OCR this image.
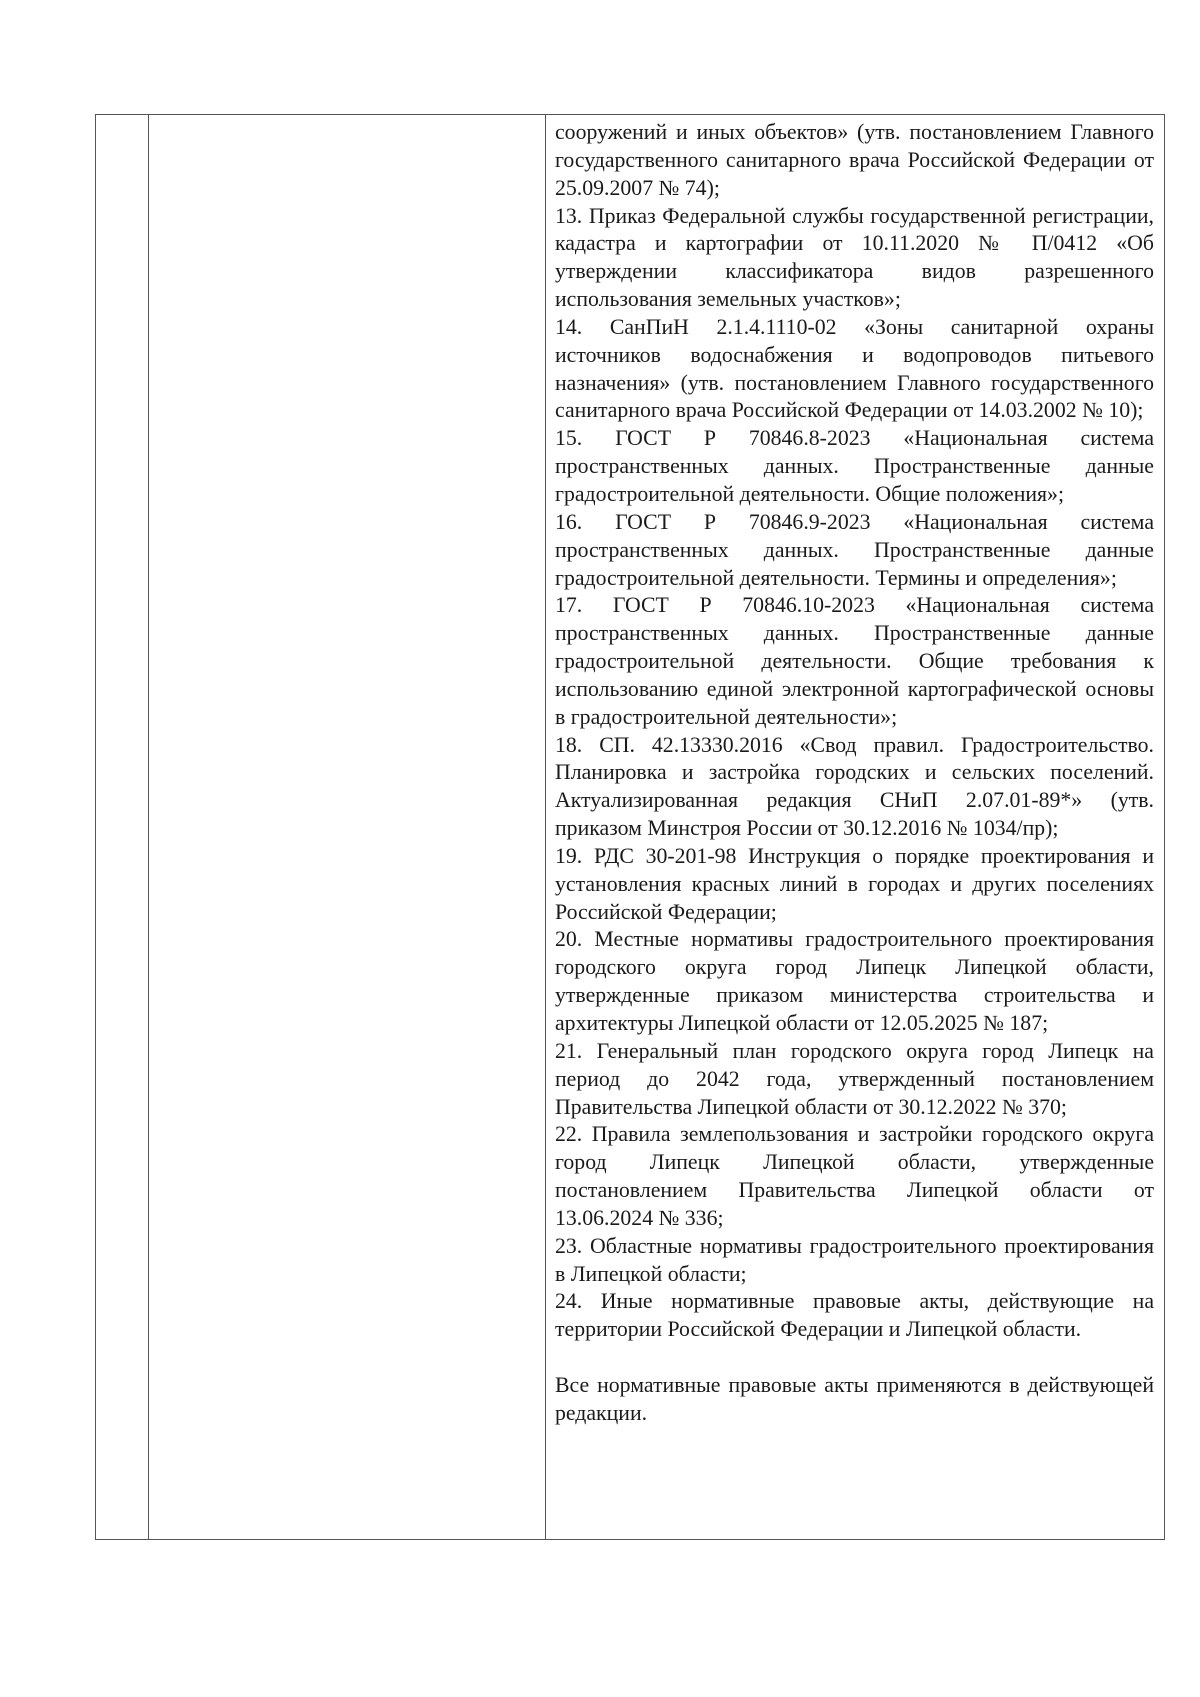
сооружений и иных объектов» (утв. постановлением Главного государственного санитарного врача Российской Федерации от 25.09.2007 № 74);

13. Приказ Федеральной службы государственной регистрации, кадастра и картографии от 10.11.2020 № П/0412 «Об утверждении классификатора видов разрешенного использования земельных участков»;

14. СанПиН 2.1.4.1110-02 «Зоны санитарной охраны источников водоснабжения и водопроводов питьевого назначения» (утв. постановлением Главного государственного санитарного врача Российской Федерации от 14.03.2002 № 10);

15. ГОСТ Р 70846.8-2023 «Национальная система пространственных данных. Пространственные данные градостроительной деятельности. Общие положения»;

16. ГОСТ Р 70846.9-2023 «Национальная система пространственных данных. Пространственные данные градостроительной деятельности. Термины и определения»;

17. ГОСТ Р 70846.10-2023 «Национальная система пространственных данных. Пространственные данные градостроительной деятельности. Общие требования к использованию единой электронной картографической основы в градостроительной деятельности»;

18. СП. 42.13330.2016 «Свод правил. Градостроительство. Планировка и застройка городских и сельских поселений. Актуализированная редакция СНиП 2.07.01-89*» (утв. приказом Минстроя России от 30.12.2016 № 1034/пр);

19. РДС 30-201-98 Инструкция о порядке проектирования и установления красных линий в городах и других поселениях Российской Федерации;

20. Местные нормативы градостроительного проектирования городского округа город Липецк Липецкой области, утвержденные приказом министерства строительства и архитектуры Липецкой области от 12.05.2025 № 187;

21. Генеральный план городского округа город Липецк на период до 2042 года, утвержденный постановлением Правительства Липецкой области от 30.12.2022 № 370;

22. Правила землепользования и застройки городского округа город Липецк Липецкой области, утвержденные постановлением Правительства Липецкой области от 13.06.2024 № 336;

23. Областные нормативы градостроительного проектирования в Липецкой области;

24. Иные нормативные правовые акты, действующие на территории Российской Федерации и Липецкой области.

Все нормативные правовые акты применяются в действующей редакции.
